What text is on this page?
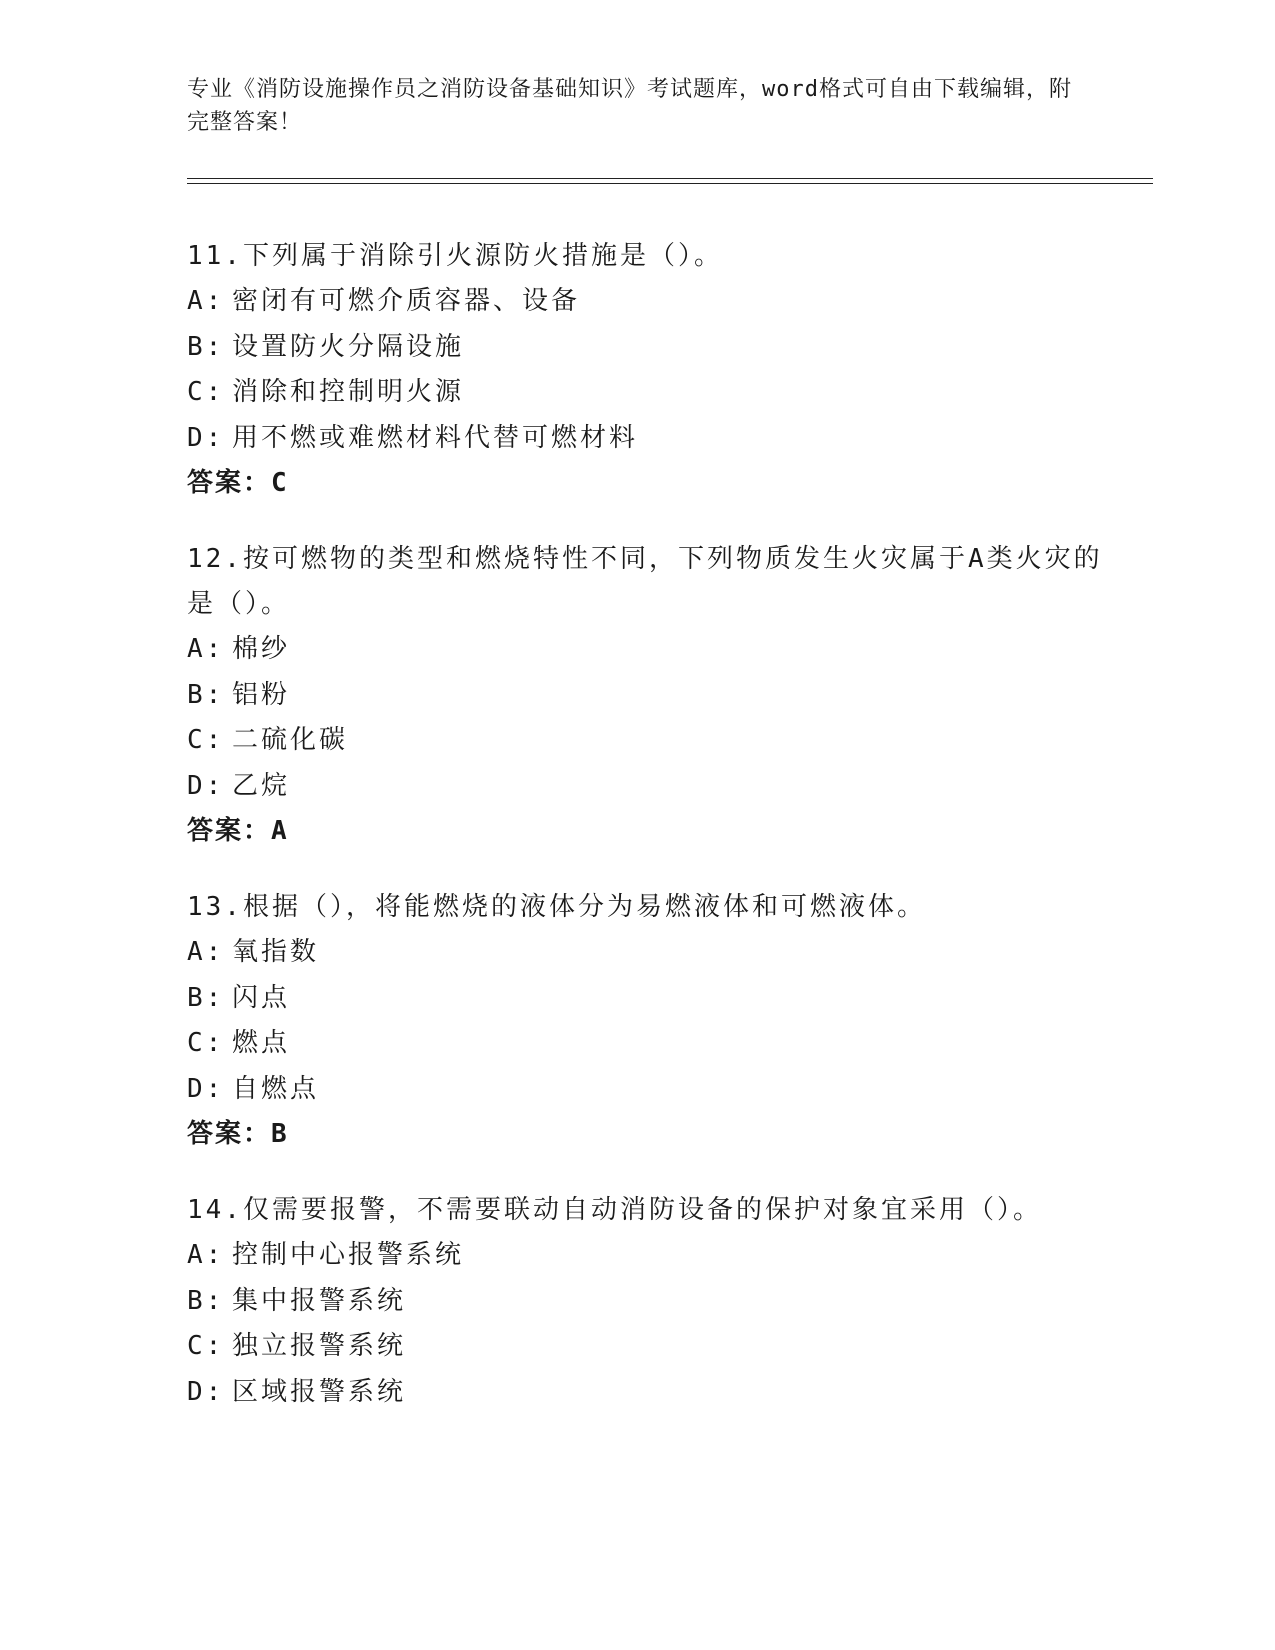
专业《消防设施操作员之消防设备基础知识》考试题库，word格式可自由下载编辑，附完整答案！

11.下列属于消除引火源防火措施是（）。

A: 密闭有可燃介质容器、设备
B: 设置防火分隔设施
C: 消除和控制明火源
D: 用不燃或难燃材料代替可燃材料
答案：C

12.按可燃物的类型和燃烧特性不同，下列物质发生火灾属于A类火灾的是（）。

A: 棉纱
B: 铝粉
C: 二硫化碳
D: 乙烷
答案：A

13.根据（），将能燃烧的液体分为易燃液体和可燃液体。

A: 氧指数
B: 闪点
C: 燃点
D: 自燃点
答案：B

14.仅需要报警，不需要联动自动消防设备的保护对象宜采用（）。

A: 控制中心报警系统
B: 集中报警系统
C: 独立报警系统
D: 区域报警系统
